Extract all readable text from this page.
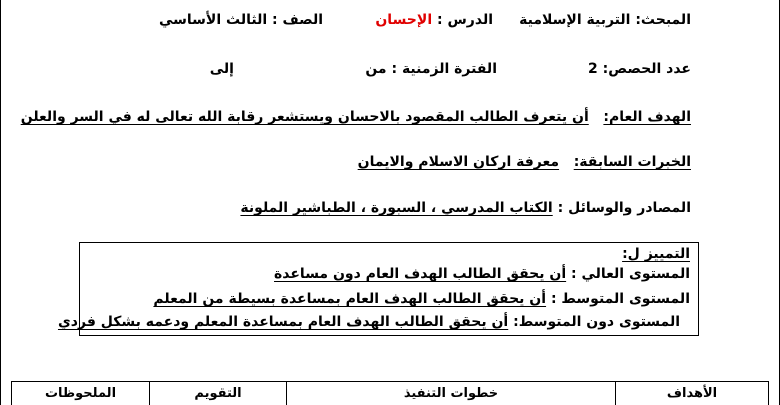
المبحث: التربية الإسلامية
الدرس : الإحسان
الصف : الثالث الأساسي
عدد الحصص: 2
الفترة الزمنية : من
إلى
الهدف العام:   أن يتعرف الطالب المقصود بالاحسان ويستشعر رقابة الله تعالى له في السر والعلن
الخبرات السابقة:   معرفة اركان الاسلام والايمان
المصادر والوسائل : الكتاب المدرسي ، السبورة ، الطباشير الملونة
التمييز ل:
المستوى العالي : أن يحقق الطالب الهدف العام دون مساعدة
المستوى المتوسط : أن يحقق الطالب الهدف العام بمساعدة بسيطة من المعلم
المستوى دون المتوسط: أن يحقق الطالب الهدف العام بمساعدة المعلم ودعمه بشكل فردي
الأهداف	خطوات التنفيذ	التقويم	الملحوظات
